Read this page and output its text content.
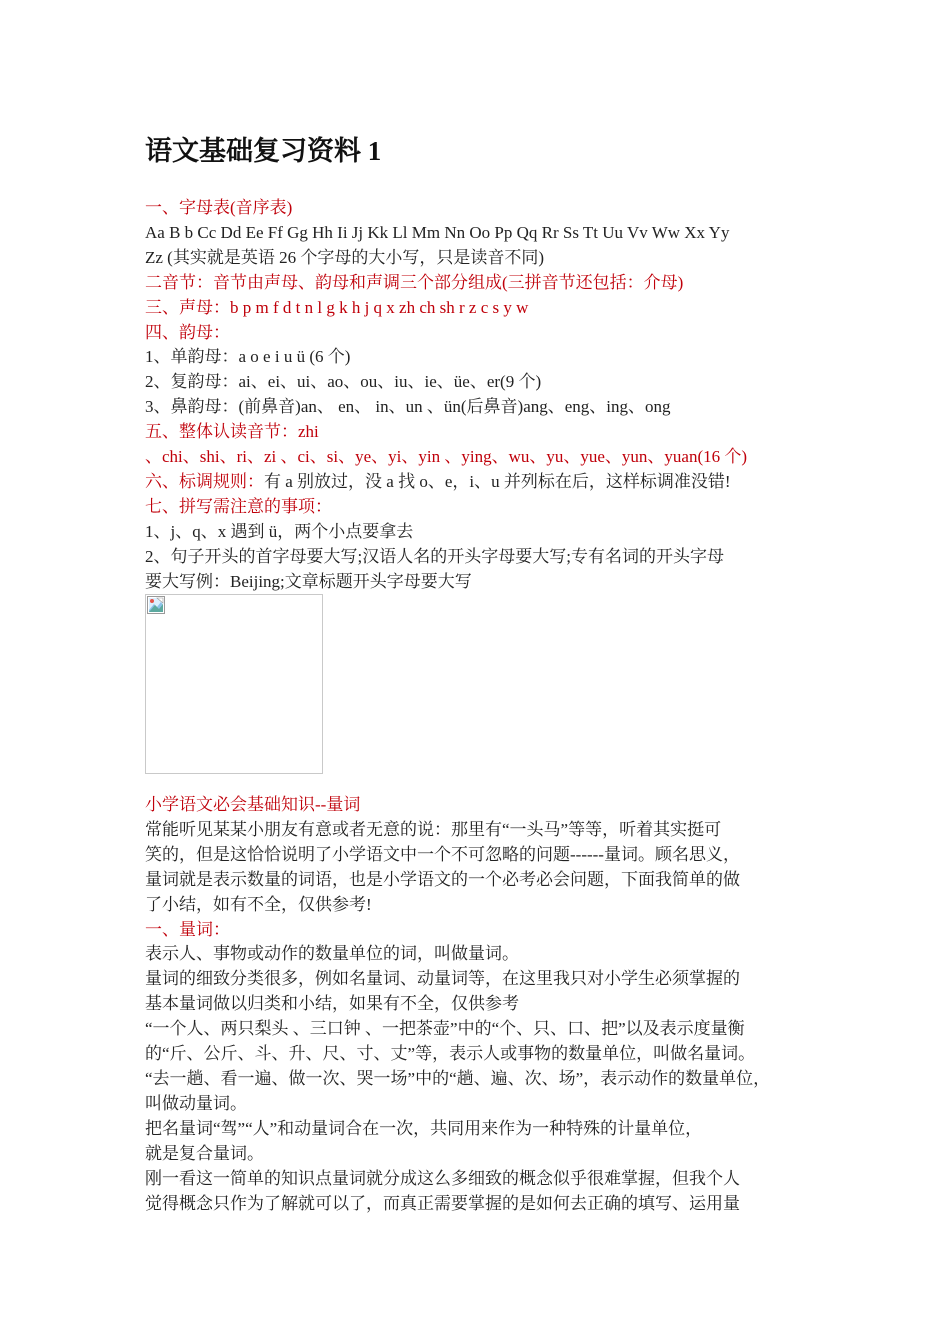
语文基础复习资料 1
一、字母表(音序表)
Aa B b Cc Dd Ee Ff Gg Hh Ii Jj Kk Ll Mm Nn Oo Pp Qq Rr Ss Tt Uu Vv Ww Xx Yy
Zz (其实就是英语 26 个字母的大小写，只是读音不同)
二音节：音节由声母、韵母和声调三个部分组成(三拼音节还包括：介母)
三、声母：b p m f d t n l g k h j q x zh ch sh r z c s y w
四、韵母：
1、单韵母：a o e i u ü (6 个)
2、复韵母：ai、ei、ui、ao、ou、iu、ie、üe、er(9 个)
3、鼻韵母：(前鼻音)an、 en、 in、un 、ün(后鼻音)ang、eng、ing、ong
五、整体认读音节：zhi
、chi、shi、ri、zi 、ci、si、ye、yi、yin 、ying、wu、yu、yue、yun、yuan(16 个)
六、标调规则：有 a 别放过，没 a 找 o、e，i、u 并列标在后，这样标调准没错!
七、拼写需注意的事项：
1、j、q、x 遇到 ü，两个小点要拿去
2、句子开头的首字母要大写;汉语人名的开头字母要大写;专有名词的开头字母
要大写例：Beijing;文章标题开头字母要大写
小学语文必会基础知识--量词
常能听见某某小朋友有意或者无意的说：那里有“一头马”等等，听着其实挺可
笑的，但是这恰恰说明了小学语文中一个不可忽略的问题------量词。顾名思义，
量词就是表示数量的词语，也是小学语文的一个必考必会问题，下面我简单的做
了小结，如有不全，仅供参考!
一、量词：
表示人、事物或动作的数量单位的词，叫做量词。
量词的细致分类很多，例如名量词、动量词等，在这里我只对小学生必须掌握的
基本量词做以归类和小结，如果有不全，仅供参考
“一个人、两只梨头 、三口钟 、一把茶壶”中的“个、只、口、把”以及表示度量衡
的“斤、公斤、斗、升、尺、寸、丈”等，表示人或事物的数量单位，叫做名量词。
“去一趟、看一遍、做一次、哭一场”中的“趟、遍、次、场”，表示动作的数量单位，
叫做动量词。
把名量词“驾”“人”和动量词合在一次，共同用来作为一种特殊的计量单位，
就是复合量词。
刚一看这一简单的知识点量词就分成这么多细致的概念似乎很难掌握，但我个人
觉得概念只作为了解就可以了，而真正需要掌握的是如何去正确的填写、运用量
